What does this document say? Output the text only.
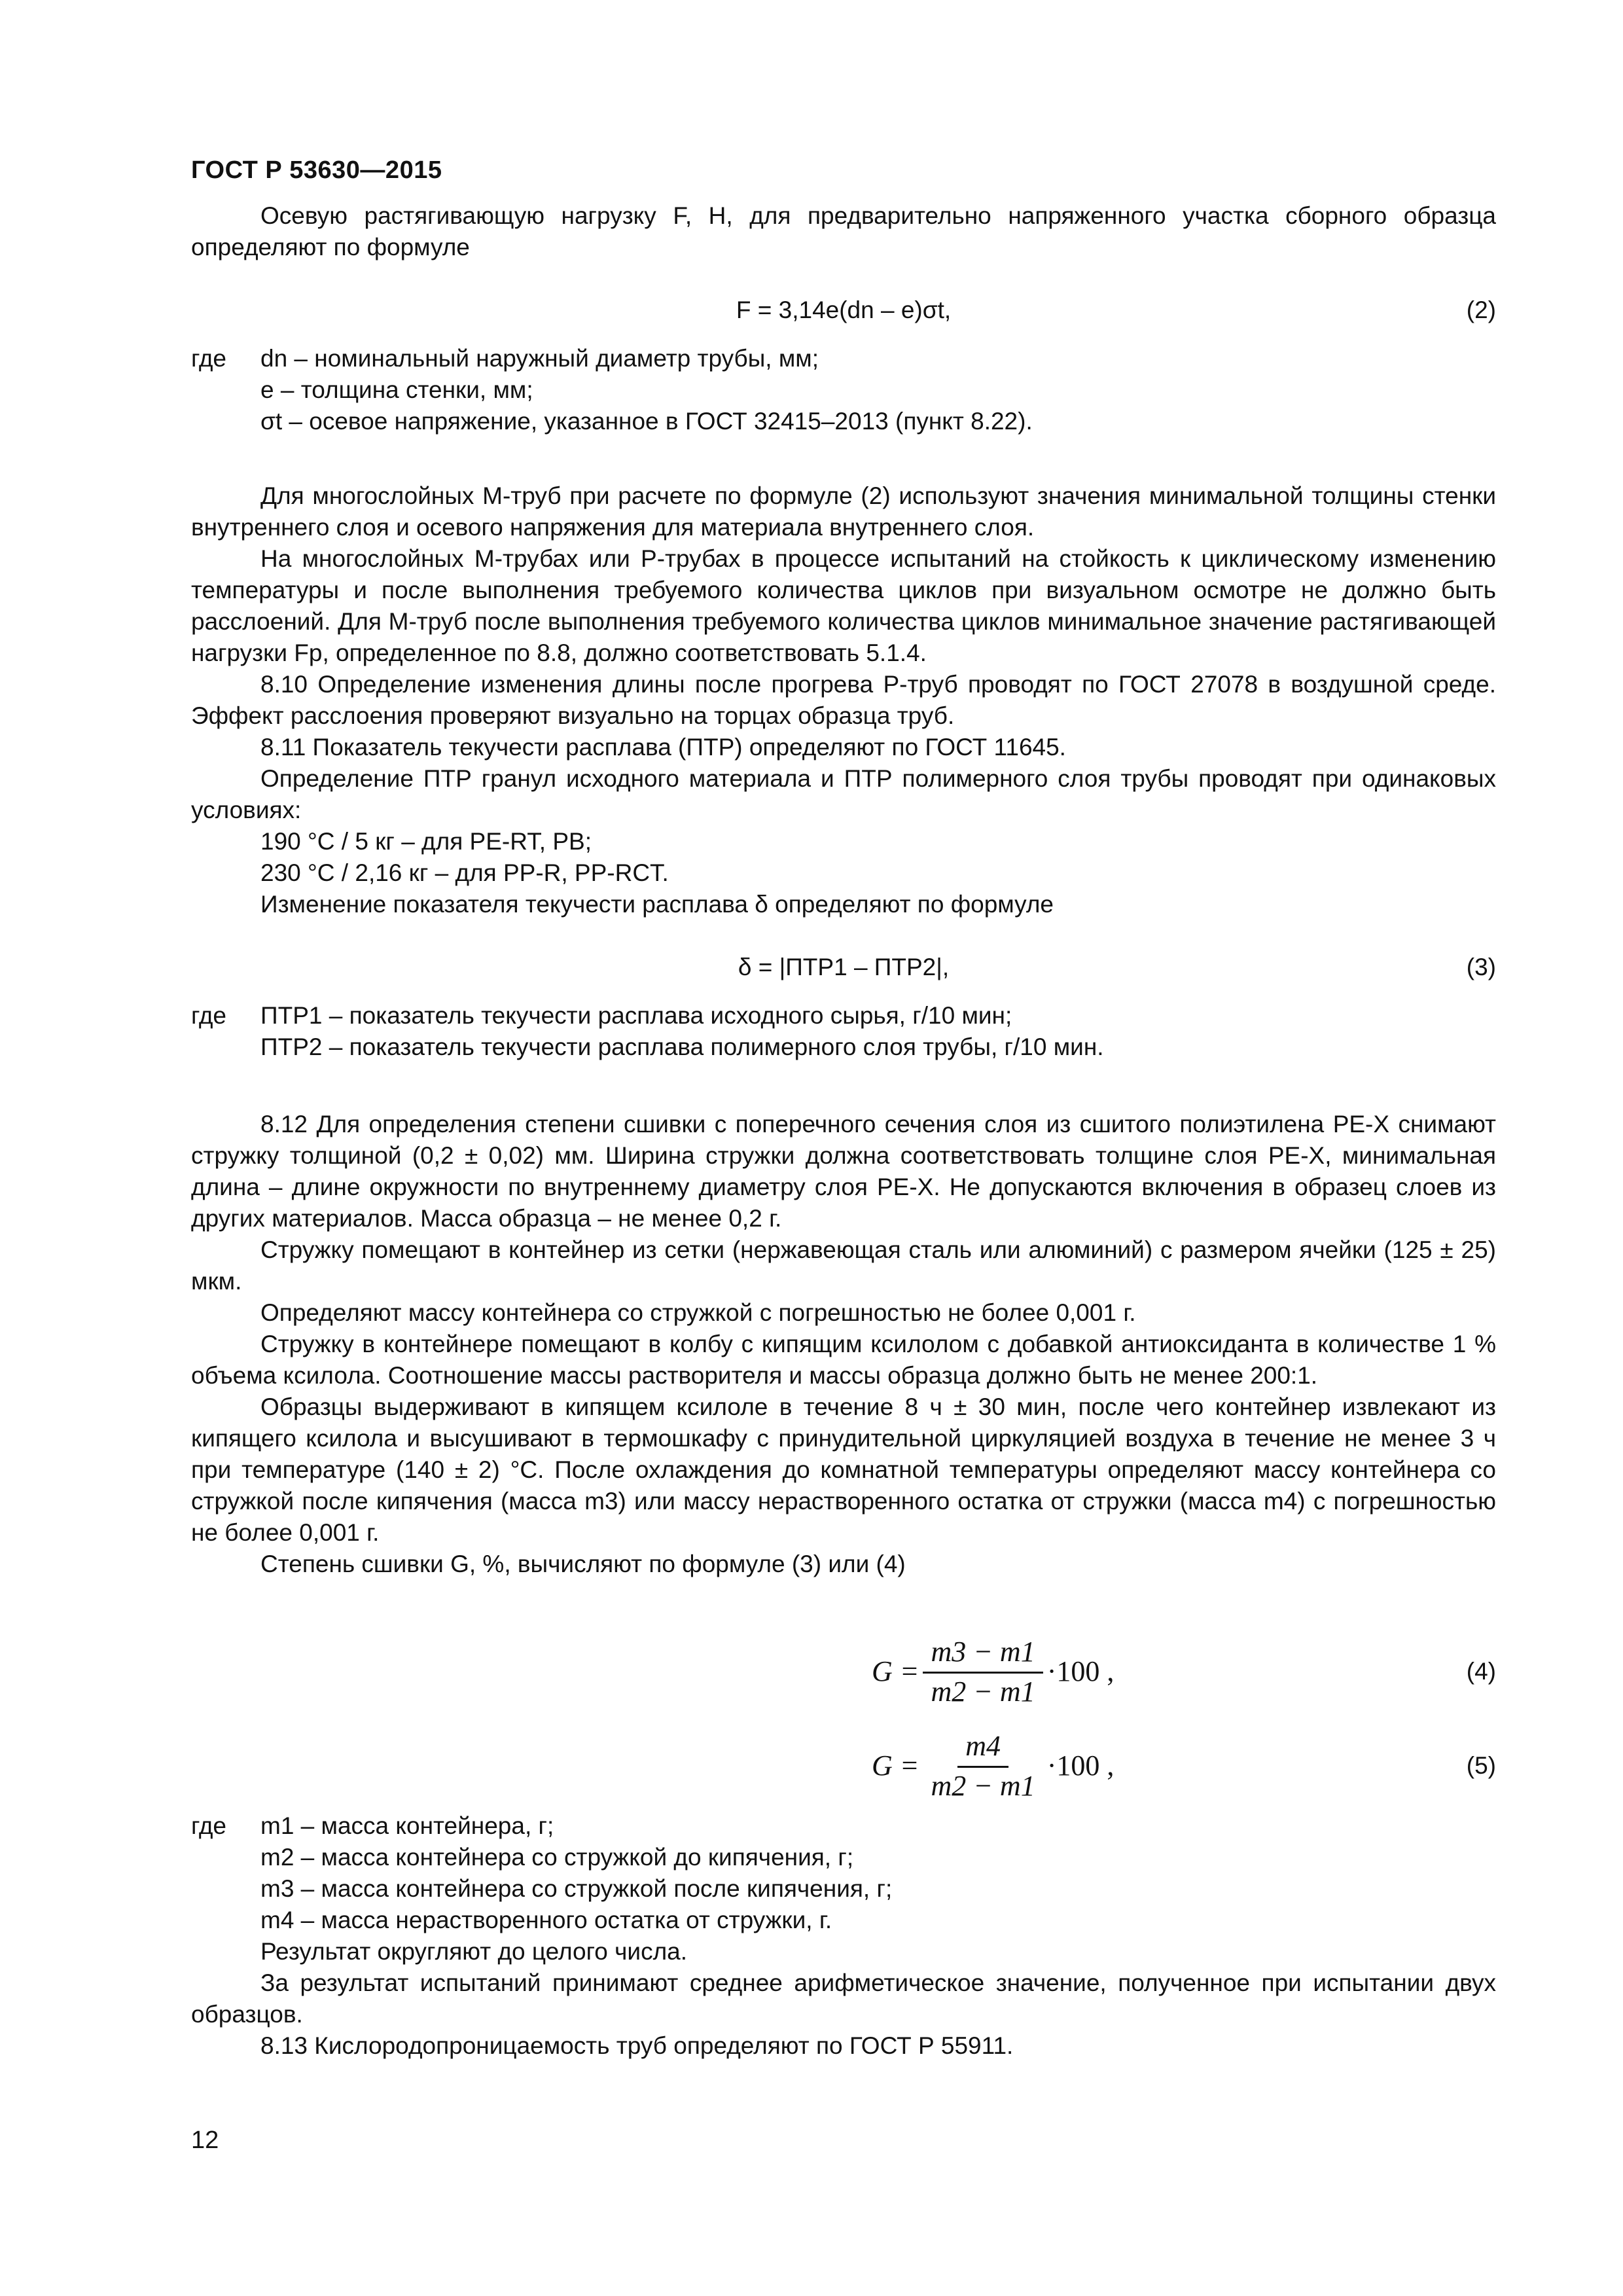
ГОСТ Р 53630—2015

Осевую растягивающую нагрузку F, Н, для предварительно напряженного участка сборного образца определяют по формуле

F = 3,14e(dn – e)σt,	(2)
где	dn – номинальный наружный диаметр трубы, мм;
e – толщина стенки, мм;
σt – осевое напряжение, указанное в ГОСТ 32415–2013 (пункт 8.22).

Для многослойных М-труб при расчете по формуле (2) используют значения минимальной толщины стенки внутреннего слоя и осевого напряжения для материала внутреннего слоя.

На многослойных М-трубах или Р-трубах в процессе испытаний на стойкость к циклическому изменению температуры и после выполнения требуемого количества циклов при визуальном осмотре не должно быть расслоений. Для М-труб после выполнения требуемого количества циклов минимальное значение растягивающей нагрузки Fр, определенное по 8.8, должно соответствовать 5.1.4.

8.10 Определение изменения длины после прогрева Р-труб проводят по ГОСТ 27078 в воздушной среде. Эффект расслоения проверяют визуально на торцах образца труб.

8.11 Показатель текучести расплава (ПТР) определяют по ГОСТ 11645.

Определение ПТР гранул исходного материала и ПТР полимерного слоя трубы проводят при одинаковых условиях:

190 °С / 5 кг – для PE-RT, PB;

230 °С / 2,16 кг – для PP-R, PP-RCT.

Изменение показателя текучести расплава δ определяют по формуле

δ = |ПТР1 – ПТР2|,	(3)
где	ПТР1 – показатель текучести расплава исходного сырья, г/10 мин;
ПТР2 – показатель текучести расплава полимерного слоя трубы, г/10 мин.

8.12 Для определения степени сшивки с поперечного сечения слоя из сшитого полиэтилена PE-X снимают стружку толщиной (0,2 ± 0,02) мм. Ширина стружки должна соответствовать толщине слоя PE-X, минимальная длина – длине окружности по внутреннему диаметру слоя PE-X. Не допускаются включения в образец слоев из других материалов. Масса образца – не менее 0,2 г.

Стружку помещают в контейнер из сетки (нержавеющая сталь или алюминий) с размером ячейки (125 ± 25) мкм.

Определяют массу контейнера со стружкой с погрешностью не более 0,001 г.

Стружку в контейнере помещают в колбу с кипящим ксилолом с добавкой антиоксиданта в количестве 1 % объема ксилола. Соотношение массы растворителя и массы образца должно быть не менее 200:1.

Образцы выдерживают в кипящем ксилоле в течение 8 ч ± 30 мин, после чего контейнер извлекают из кипящего ксилола и высушивают в термошкафу с принудительной циркуляцией воздуха в течение не менее 3 ч при температуре (140 ± 2) °С. После охлаждения до комнатной температуры определяют массу контейнера со стружкой после кипячения (масса m3) или массу нерастворенного остатка от стружки (масса m4) с погрешностью не более 0,001 г.

Степень сшивки G, %, вычисляют по формуле (3) или (4)

$G = \frac{m3 - m1}{m2 - m1} \cdot 100$ ,	(4)
$G = \frac{m4}{m2 - m1} \cdot 100$ ,	(5)
где	m1 – масса контейнера, г;
m2 – масса контейнера со стружкой до кипячения, г;
m3 – масса контейнера со стружкой после кипячения, г;
m4 – масса нерастворенного остатка от стружки, г.

Результат округляют до целого числа.

За результат испытаний принимают среднее арифметическое значение, полученное при испытании двух образцов.

8.13 Кислородопроницаемость труб определяют по ГОСТ Р 55911.

12
